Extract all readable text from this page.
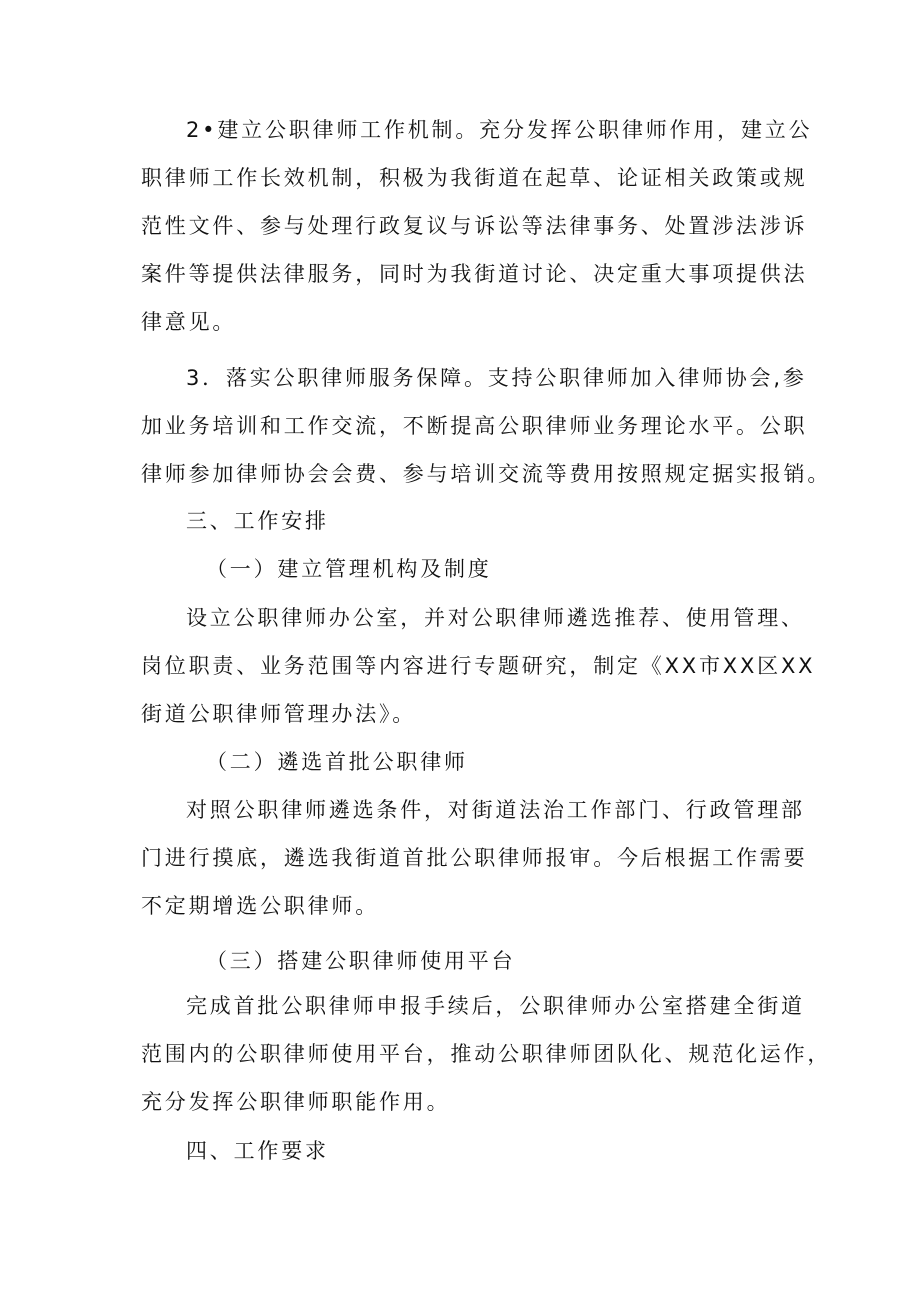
2•建立公职律师工作机制。充分发挥公职律师作用，建立公
职律师工作长效机制，积极为我街道在起草、论证相关政策或规
范性文件、参与处理行政复议与诉讼等法律事务、处置涉法涉诉
案件等提供法律服务，同时为我街道讨论、决定重大事项提供法
律意见。
3．落实公职律师服务保障。支持公职律师加入律师协会,参
加业务培训和工作交流，不断提高公职律师业务理论水平。公职
律师参加律师协会会费、参与培训交流等费用按照规定据实报销。
三、工作安排
（一）建立管理机构及制度
设立公职律师办公室，并对公职律师遴选推荐、使用管理、
岗位职责、业务范围等内容进行专题研究，制定《XX市XX区XX
街道公职律师管理办法》。
（二）遴选首批公职律师
对照公职律师遴选条件，对街道法治工作部门、行政管理部
门进行摸底，遴选我街道首批公职律师报审。今后根据工作需要
不定期增选公职律师。
（三）搭建公职律师使用平台
完成首批公职律师申报手续后，公职律师办公室搭建全街道
范围内的公职律师使用平台，推动公职律师团队化、规范化运作，
充分发挥公职律师职能作用。
四、工作要求
